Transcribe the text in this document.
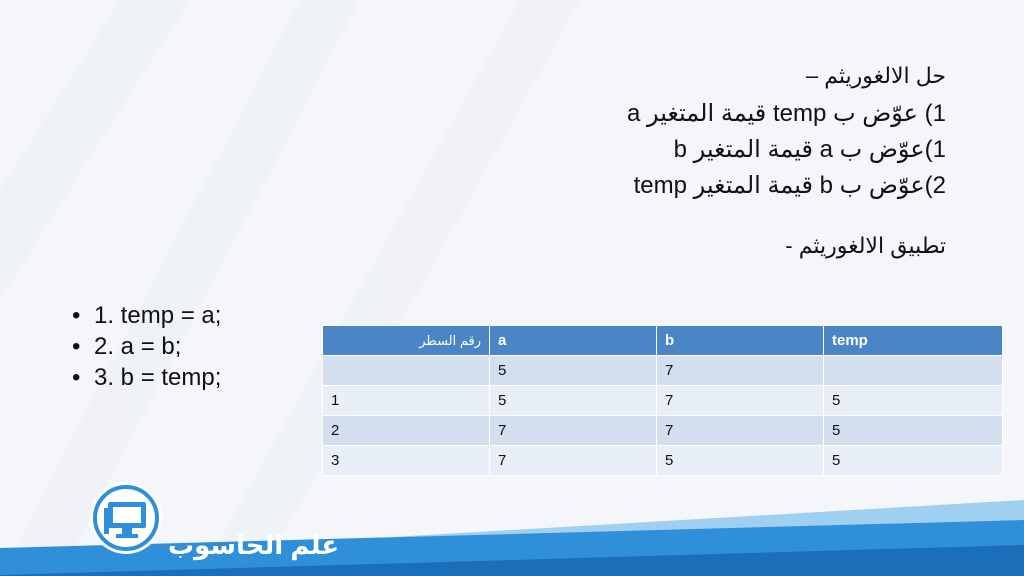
حل الالغوريثم –
1) عوّض ب temp قيمة المتغير a
1)عوّض ب a قيمة المتغير b
2)عوّض ب b قيمة المتغير temp
تطبيق الالغوريثم -
• 1. temp = a;
• 2. a = b;
• 3. b = temp;
رقم السطر	a	b	temp
	5	7	
1	5	7	5
2	7	7	5
3	7	5	5
علم الحاسوب
